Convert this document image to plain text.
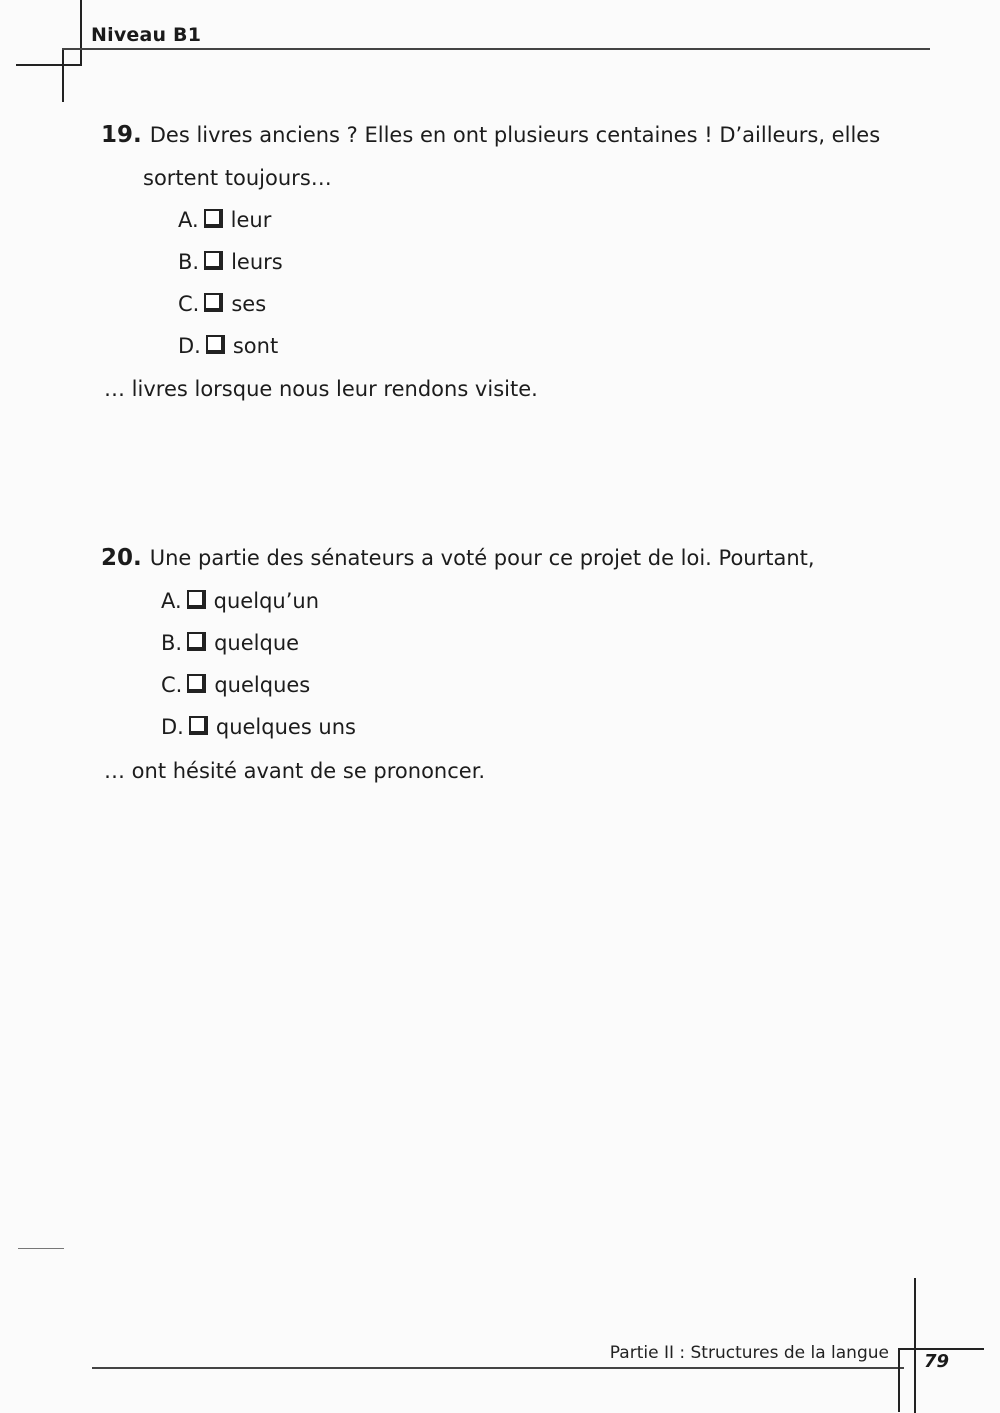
Niveau B1
19. Des livres anciens ? Elles en ont plusieurs centaines ! D’ailleurs, elles
sortent toujours…
A. leur
B. leurs
C. ses
D. sont
… livres lorsque nous leur rendons visite.
20. Une partie des sénateurs a voté pour ce projet de loi. Pourtant,
A. quelqu’un
B. quelque
C. quelques
D. quelques uns
… ont hésité avant de se prononcer.
Partie II : Structures de la langue 79
